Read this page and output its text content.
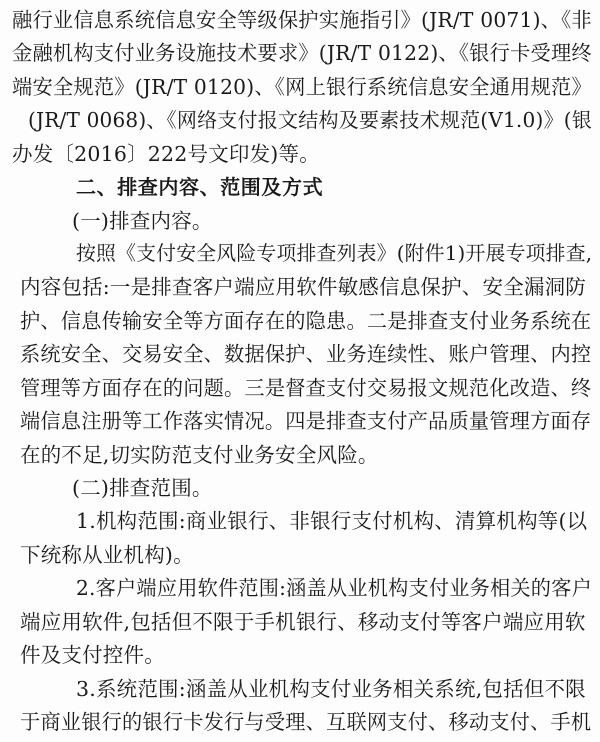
融行业信息系统信息安全等级保护实施指引》(JR/T 0071)、《非
金融机构支付业务设施技术要求》(JR/T 0122)、《银行卡受理终
端安全规范》(JR/T 0120)、《网上银行系统信息安全通用规范》
(JR/T 0068)、《网络支付报文结构及要素技术规范(V1.0)》(银
办发〔2016〕222号文印发)等。
二、排查内容、范围及方式
(一)排查内容。
按照《支付安全风险专项排查列表》(附件1)开展专项排查,
内容包括:一是排查客户端应用软件敏感信息保护、安全漏洞防
护、信息传输安全等方面存在的隐患。二是排查支付业务系统在
系统安全、交易安全、数据保护、业务连续性、账户管理、内控
管理等方面存在的问题。三是督查支付交易报文规范化改造、终
端信息注册等工作落实情况。四是排查支付产品质量管理方面存
在的不足,切实防范支付业务安全风险。
(二)排查范围。
1.机构范围:商业银行、非银行支付机构、清算机构等(以
下统称从业机构)。
2.客户端应用软件范围:涵盖从业机构支付业务相关的客户
端应用软件,包括但不限于手机银行、移动支付等客户端应用软
件及支付控件。
3.系统范围:涵盖从业机构支付业务相关系统,包括但不限
于商业银行的银行卡发行与受理、互联网支付、移动支付、手机
